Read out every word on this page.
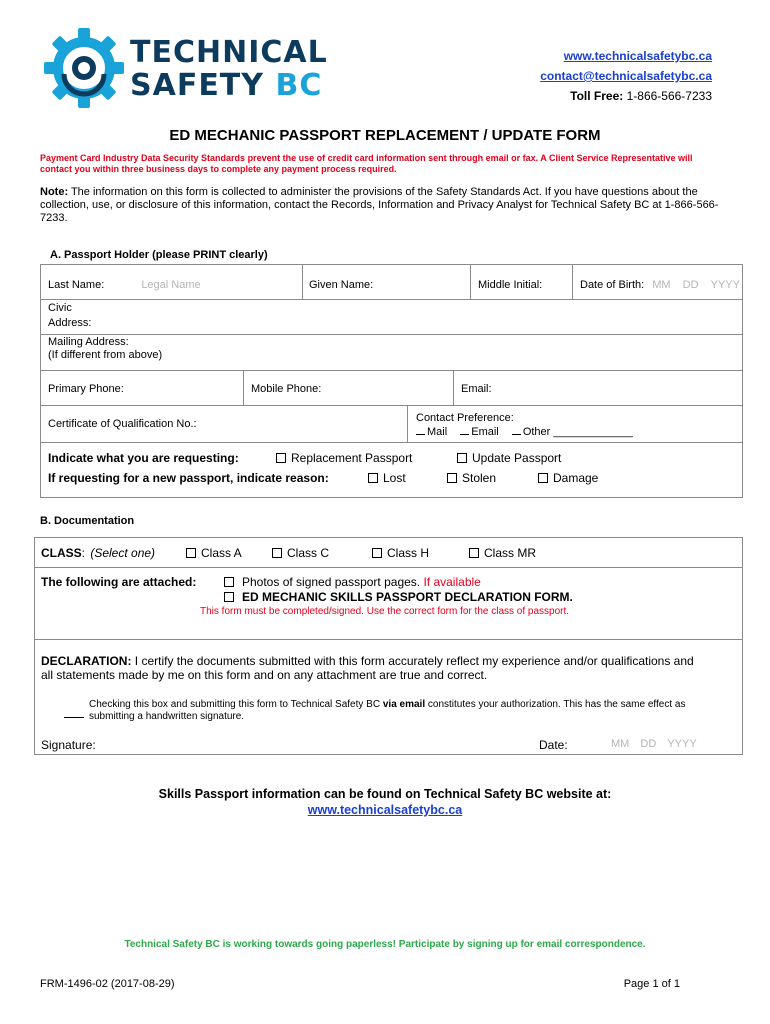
TECHNICAL
SAFETY BC
www.technicalsafetybc.ca
contact@technicalsafetybc.ca
Toll Free: 1-866-566-7233
ED MECHANIC PASSPORT REPLACEMENT / UPDATE FORM
Payment Card Industry Data Security Standards prevent the use of credit card information sent through email or fax. A Client Service Representative will contact you within three business days to complete any payment process required.
Note: The information on this form is collected to administer the provisions of the Safety Standards Act. If you have questions about the collection, use, or disclosure of this information, contact the Records, Information and Privacy Analyst for Technical Safety BC at 1-866-566-7233.
A. Passport Holder (please PRINT clearly)
Last Name:	Legal Name	Given Name:	Middle Initial:	Date of Birth: MM DD YYYY
Civic
Address:
Mailing Address:
(If different from above)
Primary Phone:	Mobile Phone:	Email:
Certificate of Qualification No.:	Contact Preference:
Mail Email Other _____________
Indicate what you are requesting:	Replacement Passport	Update Passport
If requesting for a new passport, indicate reason:	Lost	Stolen	Damage
B. Documentation
CLASS: (Select one)	Class A	Class C	Class H	Class MR
The following are attached:	Photos of signed passport pages. If available
ED MECHANIC SKILLS PASSPORT DECLARATION FORM.
This form must be completed/signed. Use the correct form for the class of passport.
DECLARATION: I certify the documents submitted with this form accurately reflect my experience and/or qualifications and all statements made by me on this form and on any attachment are true and correct.
Checking this box and submitting this form to Technical Safety BC via email constitutes your authorization. This has the same effect as submitting a handwritten signature.
Signature:	Date:	MM DD YYYY
Skills Passport information can be found on Technical Safety BC website at:
www.technicalsafetybc.ca
Technical Safety BC is working towards going paperless! Participate by signing up for email correspondence.
FRM-1496-02 (2017-08-29)	Page 1 of 1
